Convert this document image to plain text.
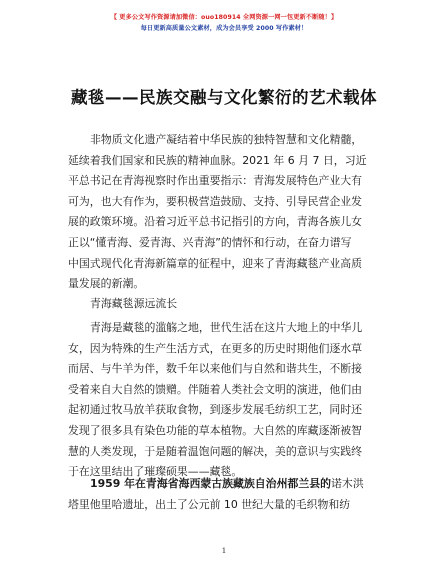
【 更多公文写作资源请加微信：ouo180914 全网资源一网一包更新不断随！】
每日更新高质量公文素材，成为会员享受 2000 写作素材！
藏毯——民族交融与文化繁衍的艺术载体
非物质文化遗产凝结着中华民族的独特智慧和文化精髓，
延续着我们国家和民族的精神血脉。2021 年 6 月 7 日，习近
平总书记在青海视察时作出重要指示：青海发展特色产业大有
可为，也大有作为，要积极营造鼓励、支持、引导民营企业发
展的政策环境。沿着习近平总书记指引的方向，青海各族儿女
正以“懂青海、爱青海、兴青海”的情怀和行动，在奋力谱写
中国式现代化青海新篇章的征程中，迎来了青海藏毯产业高质
量发展的新潮。
青海藏毯源远流长
青海是藏毯的滥觞之地，世代生活在这片大地上的中华儿
女，因为特殊的生产生活方式，在更多的历史时期他们逐水草
而居、与牛羊为伴，数千年以来他们与自然和谐共生，不断接
受着来自大自然的馈赠。伴随着人类社会文明的演进，他们由
起初通过牧马放羊获取食物，到逐步发展毛纺织工艺，同时还
发现了很多具有染色功能的草本植物。大自然的库藏逐渐被智
慧的人类发现，于是随着温饱问题的解决，美的意识与实践终
于在这里结出了璀璨硕果——藏毯。
1959 年在青海省海西蒙古族藏族自治州都兰县的诺木洪
塔里他里哈遗址，出土了公元前 10 世纪大量的毛织物和纺
1
